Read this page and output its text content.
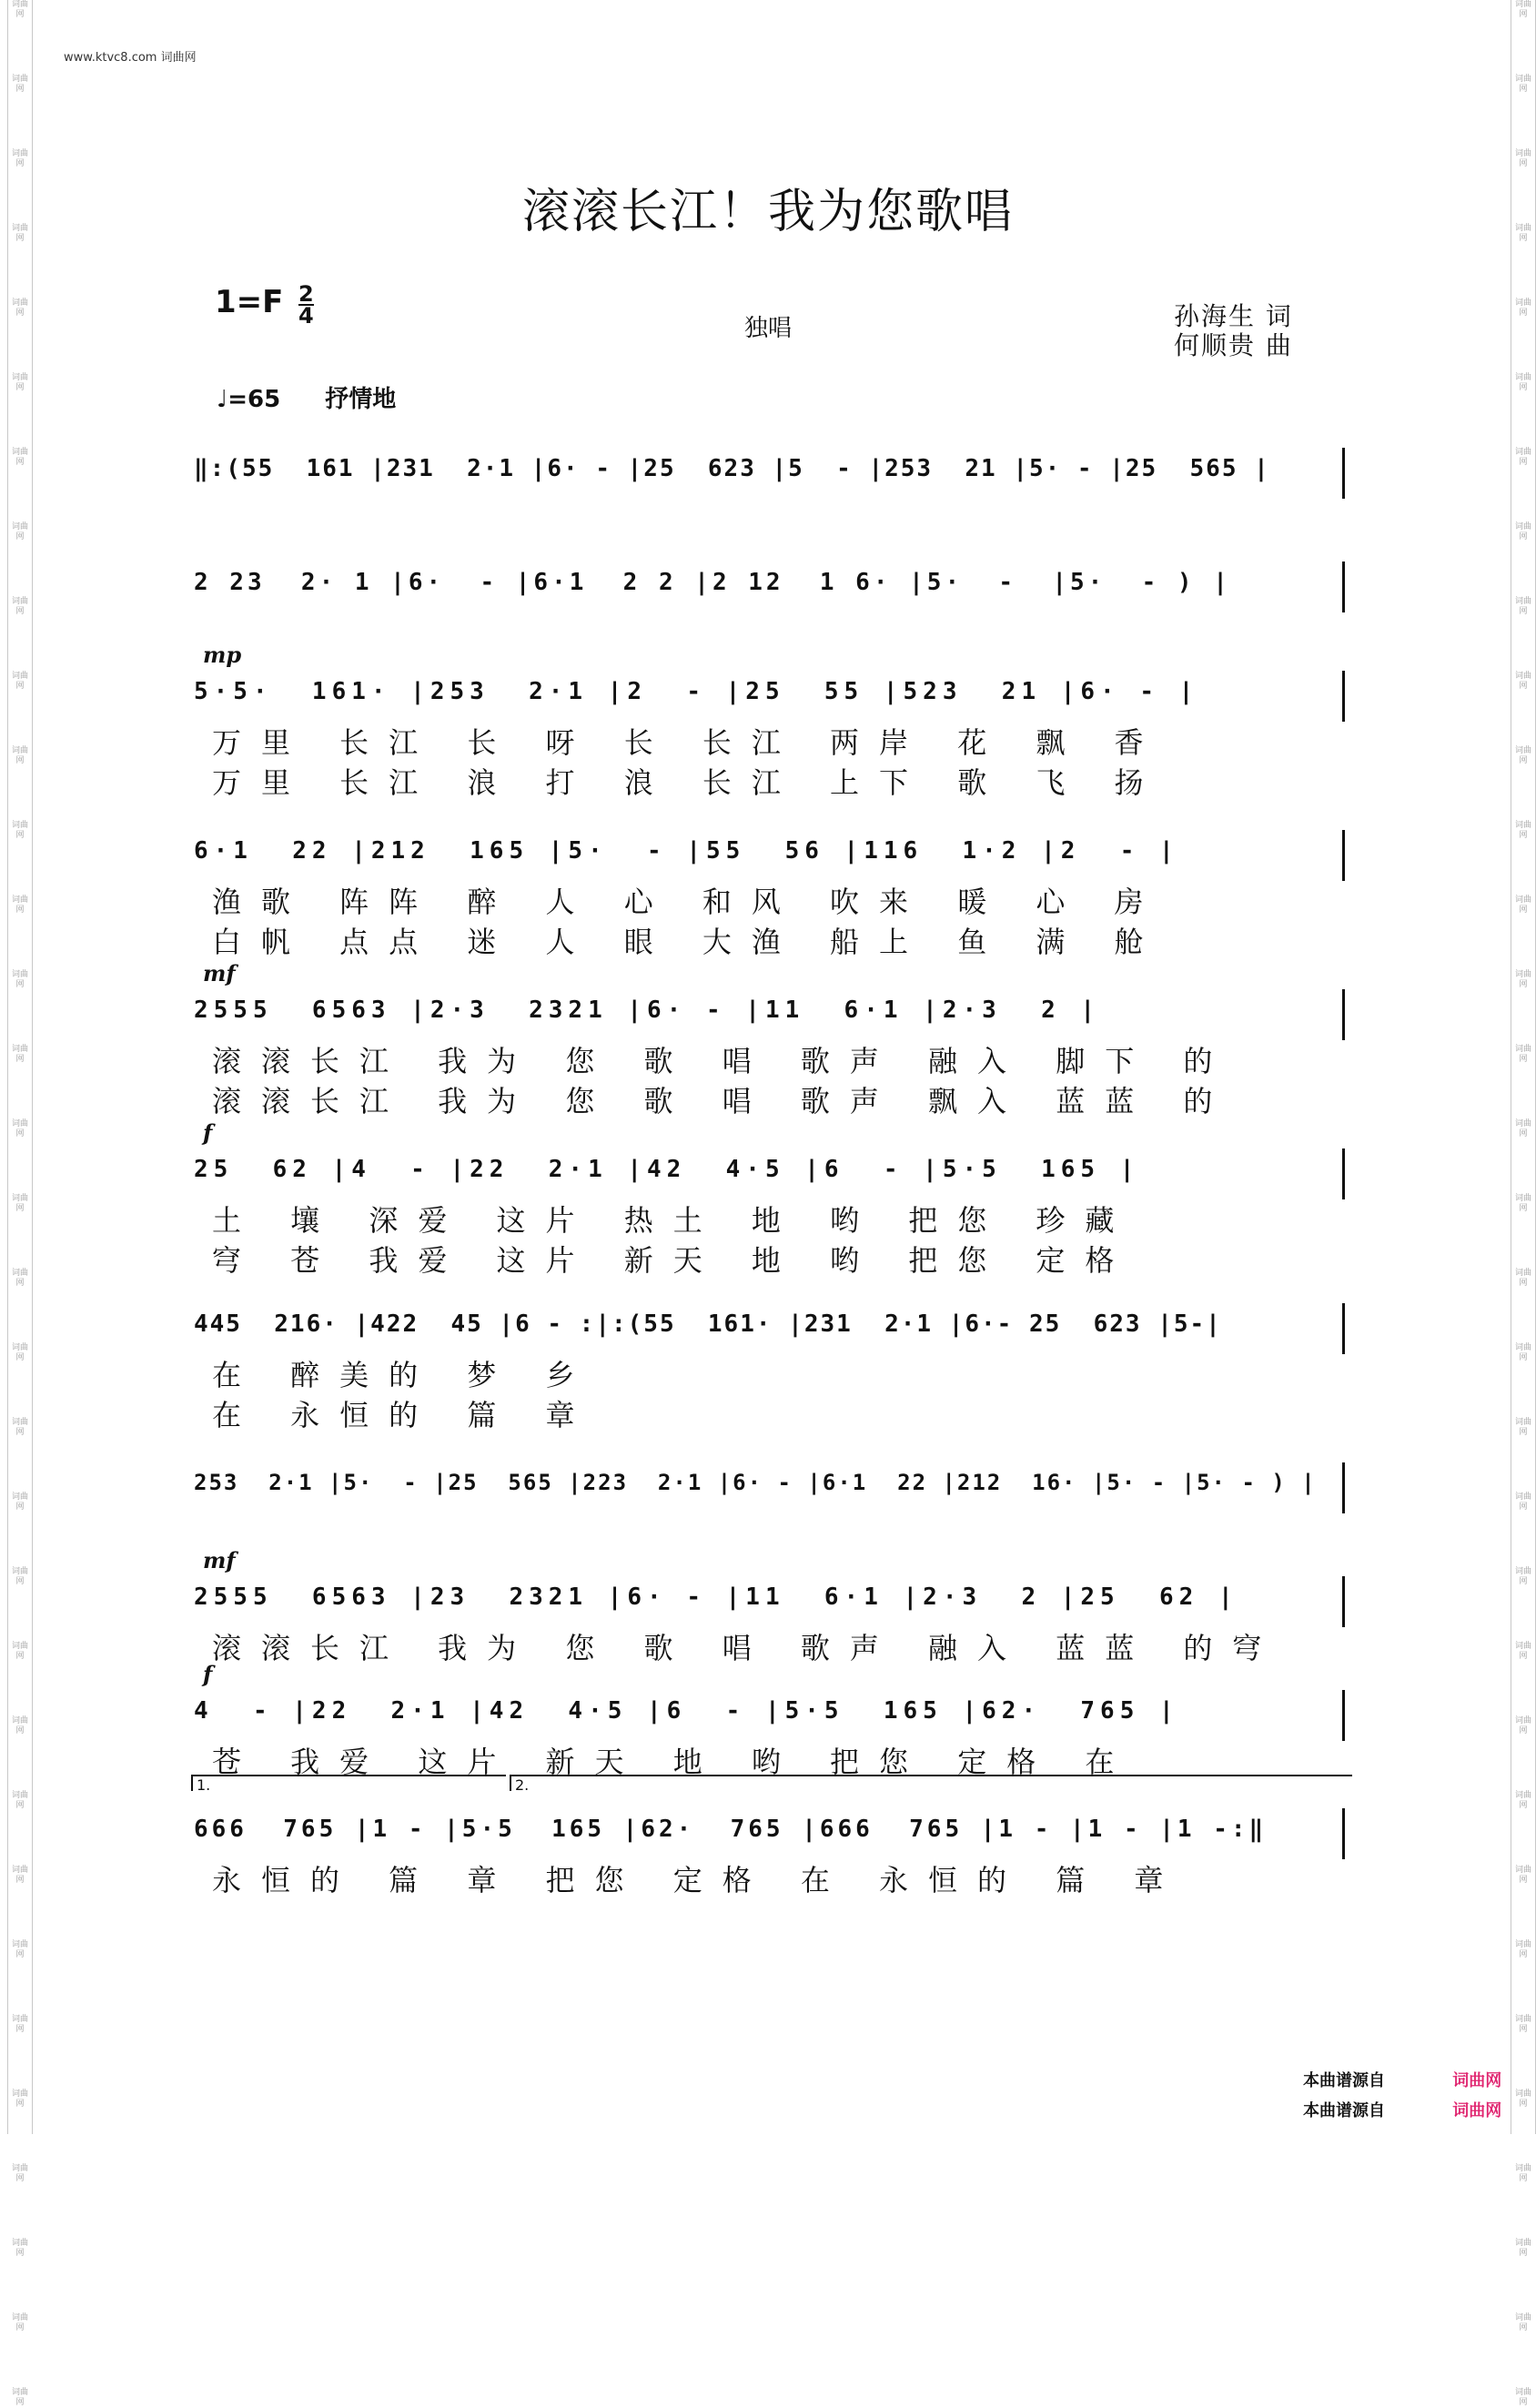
词曲网
词曲网
词曲网
词曲网
词曲网
词曲网
词曲网
词曲网
词曲网
词曲网
词曲网
词曲网
词曲网
词曲网
词曲网
词曲网
词曲网
词曲网
词曲网
词曲网
词曲网
词曲网
词曲网
词曲网
词曲网
词曲网
词曲网
词曲网
词曲网
词曲网
词曲网
词曲网
词曲网
词曲网
词曲网
词曲网
词曲网
词曲网
词曲网
词曲网
词曲网
词曲网
词曲网
词曲网
词曲网
词曲网
词曲网
词曲网
词曲网
词曲网
词曲网
词曲网
词曲网
词曲网
词曲网
词曲网
词曲网
词曲网
词曲网
词曲网
词曲网
词曲网
词曲网
词曲网
词曲网
词曲网
www.ktvc8.com 词曲网
滚滚长江！我为您歌唱
1=F 2
4	独唱	孙海生 词
何顺贵 曲
♩=65 抒情地
‖:(55  161 |231  2·1 |6· - |25  623 |5  - |253  21 |5· - |25  565 |
2 23  2· 1 |6·  - |6·1  2 2 |2 12  1 6· |5·  -  |5·  - ) |
mp
5·5·  161· |253  2·1 |2  - |25  55 |523  21 |6· - |
万里 长江 长 呀 长 长江 两岸 花 飘 香
万里 长江 浪 打 浪 长江 上下 歌 飞 扬
6·1  22 |212  165 |5·  - |55  56 |116  1·2 |2  - |
渔歌 阵阵 醉 人 心 和风 吹来 暖 心 房
白帆 点点 迷 人 眼 大渔 船上 鱼 满 舱
mf
2555  6563 |2·3  2321 |6· - |11  6·1 |2·3  2 |
滚滚长江 我为 您 歌 唱 歌声 融入 脚下 的
滚滚长江 我为 您 歌 唱 歌声 飘入 蓝蓝 的
f
25  62 |4  - |22  2·1 |42  4·5 |6  - |5·5  165 |
土 壤 深爱 这片 热土 地 哟 把您 珍藏
穹 苍 我爱 这片 新天 地 哟 把您 定格
445  216· |422  45 |6 - :|:(55  161· |231  2·1 |6·- 25  623 |5-|
在 醉美的 梦 乡
在 永恒的 篇 章
253  2·1 |5·  - |25  565 |223  2·1 |6· - |6·1  22 |212  16· |5· - |5· - ) |
mf
2555  6563 |23  2321 |6· - |11  6·1 |2·3  2 |25  62 |
滚滚长江 我为 您 歌 唱 歌声 融入 蓝蓝 的穹
f
4  - |22  2·1 |42  4·5 |6  - |5·5  165 |62·  765 |
苍 我爱 这片 新天 地 哟 把您 定格 在
666  765 |1 - |5·5  165 |62·  765 |666  765 |1 - |1 - |1 -:‖
永恒的 篇 章 把您 定格 在 永恒的 篇 章
1.	2.
本曲谱源自	词曲网
本曲谱源自	词曲网
